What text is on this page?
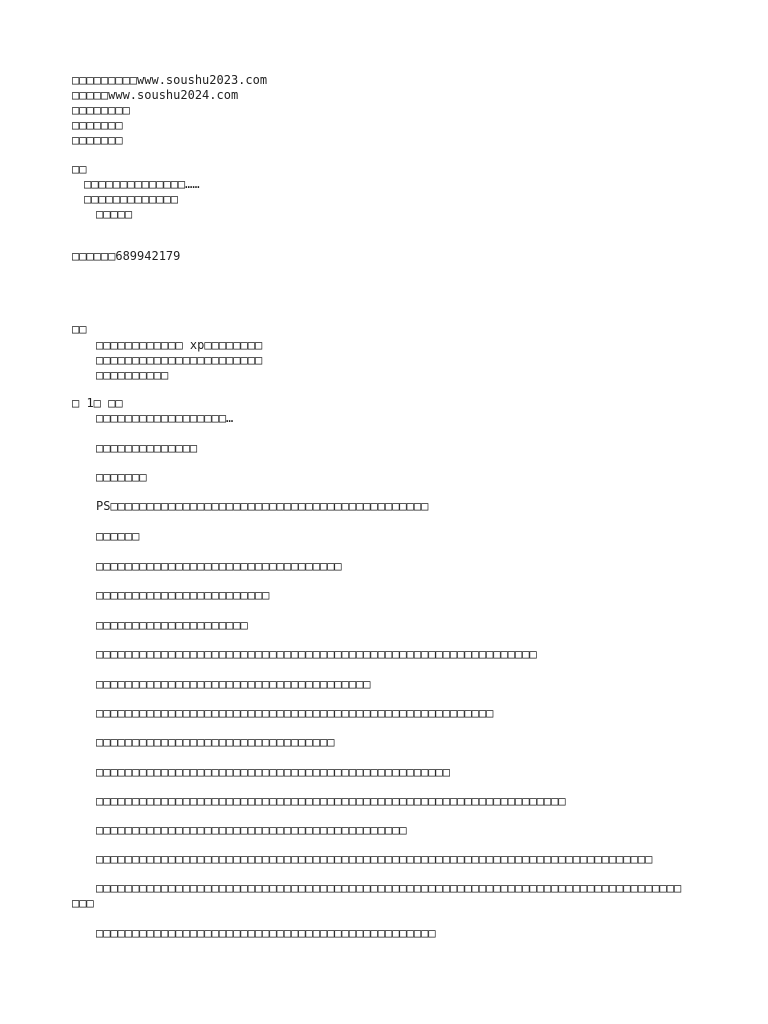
□□□□□□□□□www.soushu2023.com
□□□□□www.soushu2024.com
□□□□□□□□
□□□□□□□
□□□□□□□
□□
□□□□□□□□□□□□□□……
□□□□□□□□□□□□□
□□□□□
□□□□□□689942179
□□
□□□□□□□□□□□□ xp□□□□□□□□
□□□□□□□□□□□□□□□□□□□□□□□
□□□□□□□□□□
□ 1□ □□
□□□□□□□□□□□□□□□□□□…
□□□□□□□□□□□□□□
□□□□□□□
PS□□□□□□□□□□□□□□□□□□□□□□□□□□□□□□□□□□□□□□□□□□□□
□□□□□□
□□□□□□□□□□□□□□□□□□□□□□□□□□□□□□□□□□
□□□□□□□□□□□□□□□□□□□□□□□□
□□□□□□□□□□□□□□□□□□□□□
□□□□□□□□□□□□□□□□□□□□□□□□□□□□□□□□□□□□□□□□□□□□□□□□□□□□□□□□□□□□□
□□□□□□□□□□□□□□□□□□□□□□□□□□□□□□□□□□□□□□
□□□□□□□□□□□□□□□□□□□□□□□□□□□□□□□□□□□□□□□□□□□□□□□□□□□□□□□
□□□□□□□□□□□□□□□□□□□□□□□□□□□□□□□□□
□□□□□□□□□□□□□□□□□□□□□□□□□□□□□□□□□□□□□□□□□□□□□□□□□
□□□□□□□□□□□□□□□□□□□□□□□□□□□□□□□□□□□□□□□□□□□□□□□□□□□□□□□□□□□□□□□□□
□□□□□□□□□□□□□□□□□□□□□□□□□□□□□□□□□□□□□□□□□□□
□□□□□□□□□□□□□□□□□□□□□□□□□□□□□□□□□□□□□□□□□□□□□□□□□□□□□□□□□□□□□□□□□□□□□□□□□□□□□
□□□□□□□□□□□□□□□□□□□□□□□□□□□□□□□□□□□□□□□□□□□□□□□□□□□□□□□□□□□□□□□□□□□□□□□□□□□□□□□□□
□□□
□□□□□□□□□□□□□□□□□□□□□□□□□□□□□□□□□□□□□□□□□□□□□□□
